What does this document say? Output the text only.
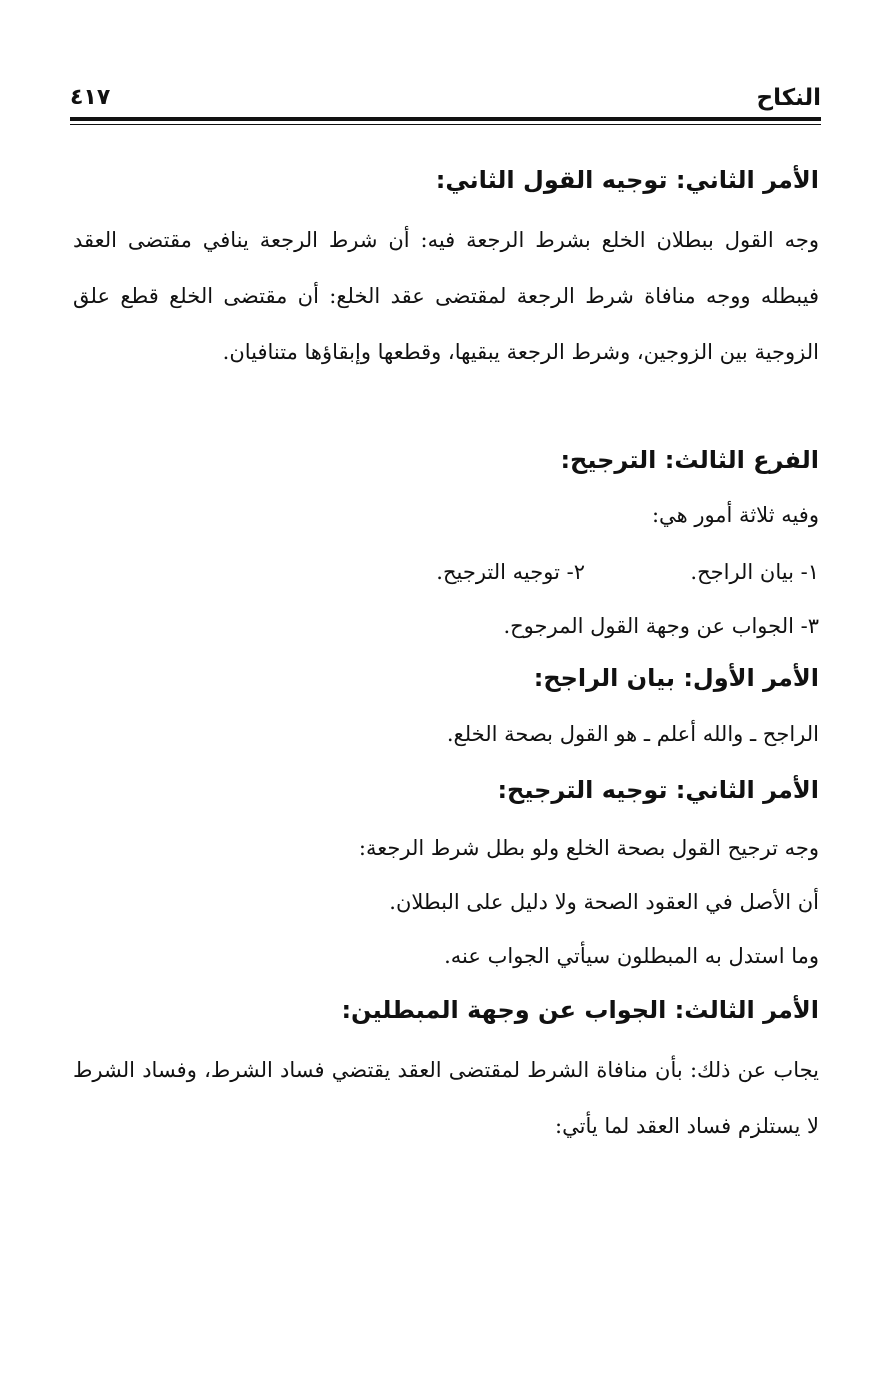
النكاح
٤١٧

الأمر الثاني: توجيه القول الثاني:

وجه القول ببطلان الخلع بشرط الرجعة فيه: أن شرط الرجعة ينافي مقتضى العقد فيبطله ووجه منافاة شرط الرجعة لمقتضى عقد الخلع: أن مقتضى الخلع قطع علق الزوجية بين الزوجين، وشرط الرجعة يبقيها، وقطعها وإبقاؤها متنافيان.

الفرع الثالث: الترجيح:

وفيه ثلاثة أمور هي:

١- بيان الراجح.
٢- توجيه الترجيح.

٣- الجواب عن وجهة القول المرجوح.

الأمر الأول: بيان الراجح:

الراجح ـ والله أعلم ـ هو القول بصحة الخلع.

الأمر الثاني: توجيه الترجيح:

وجه ترجيح القول بصحة الخلع ولو بطل شرط الرجعة:

أن الأصل في العقود الصحة ولا دليل على البطلان.

وما استدل به المبطلون سيأتي الجواب عنه.

الأمر الثالث: الجواب عن وجهة المبطلين:

يجاب عن ذلك: بأن منافاة الشرط لمقتضى العقد يقتضي فساد الشرط، وفساد الشرط لا يستلزم فساد العقد لما يأتي:
